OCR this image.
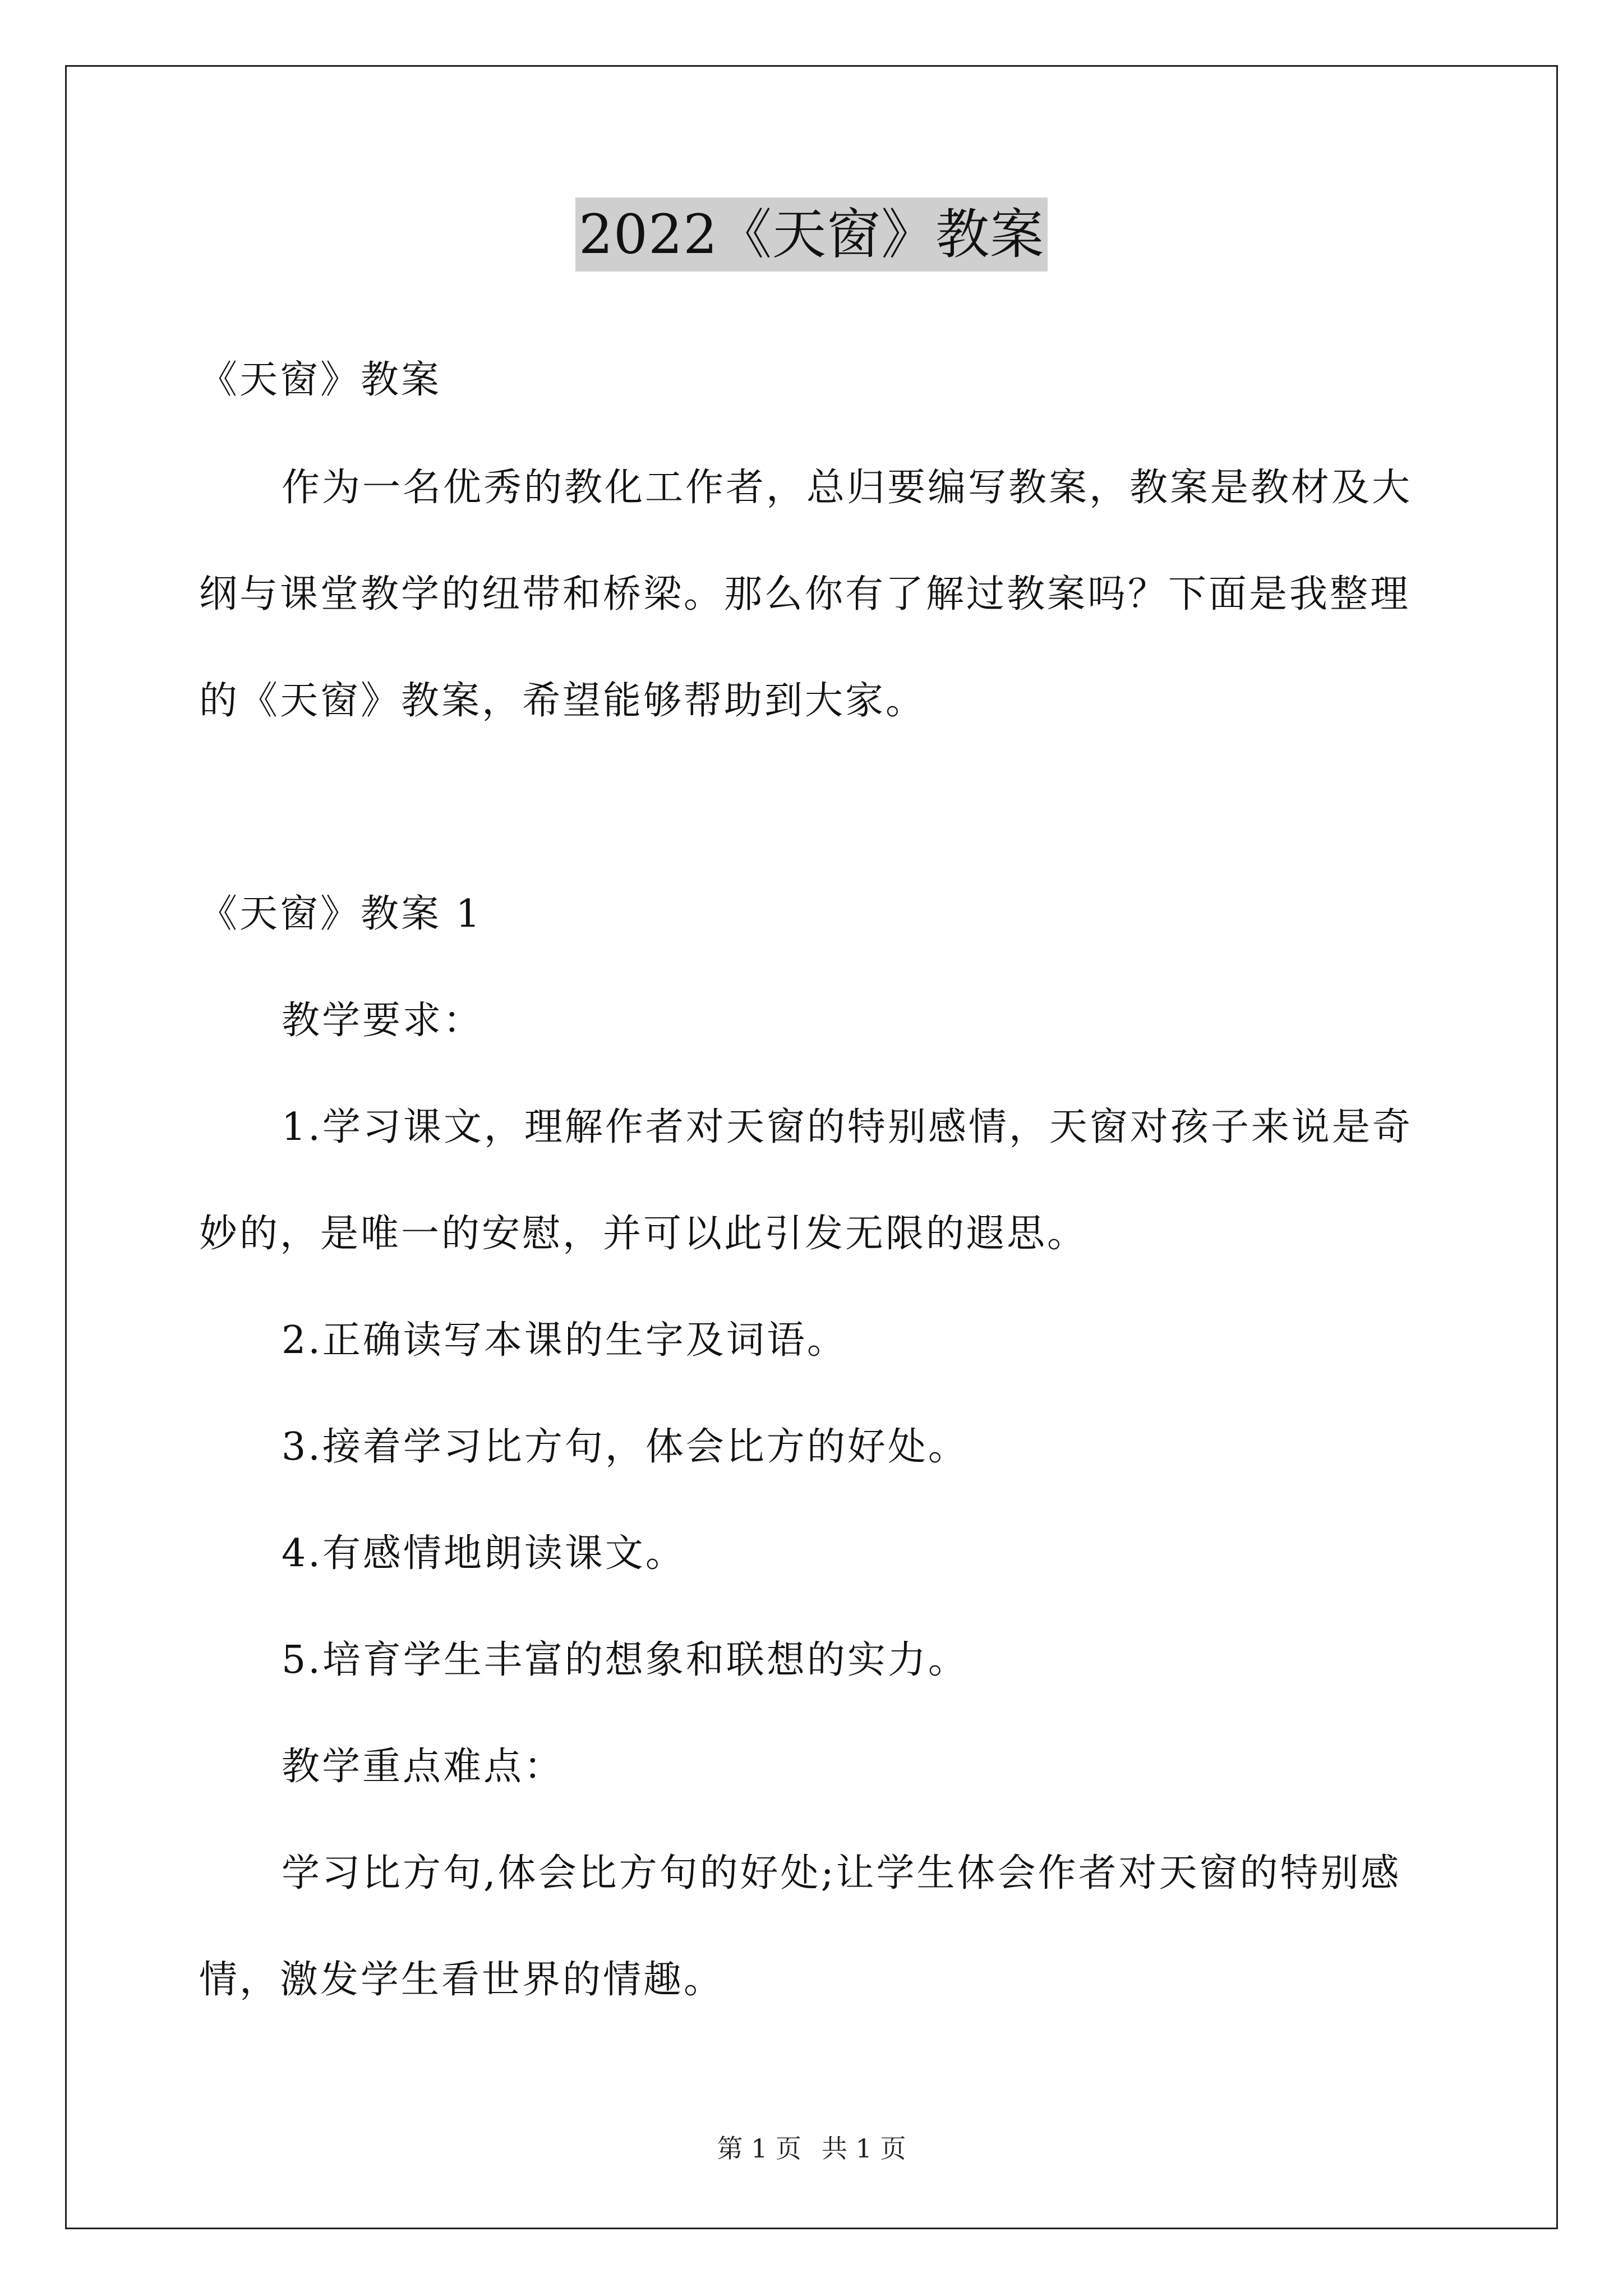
2022《天窗》教案
《天窗》教案
作为一名优秀的教化工作者，总归要编写教案，教案是教材及大
纲与课堂教学的纽带和桥梁。那么你有了解过教案吗？下面是我整理
的《天窗》教案，希望能够帮助到大家。
《天窗》教案 1
教学要求：
1.学习课文，理解作者对天窗的特别感情，天窗对孩子来说是奇
妙的，是唯一的安慰，并可以此引发无限的遐思。
2.正确读写本课的生字及词语。
3.接着学习比方句，体会比方的好处。
4.有感情地朗读课文。
5.培育学生丰富的想象和联想的实力。
教学重点难点：
学习比方句,体会比方句的好处;让学生体会作者对天窗的特别感
情，激发学生看世界的情趣。
第 1 页 共 1 页
